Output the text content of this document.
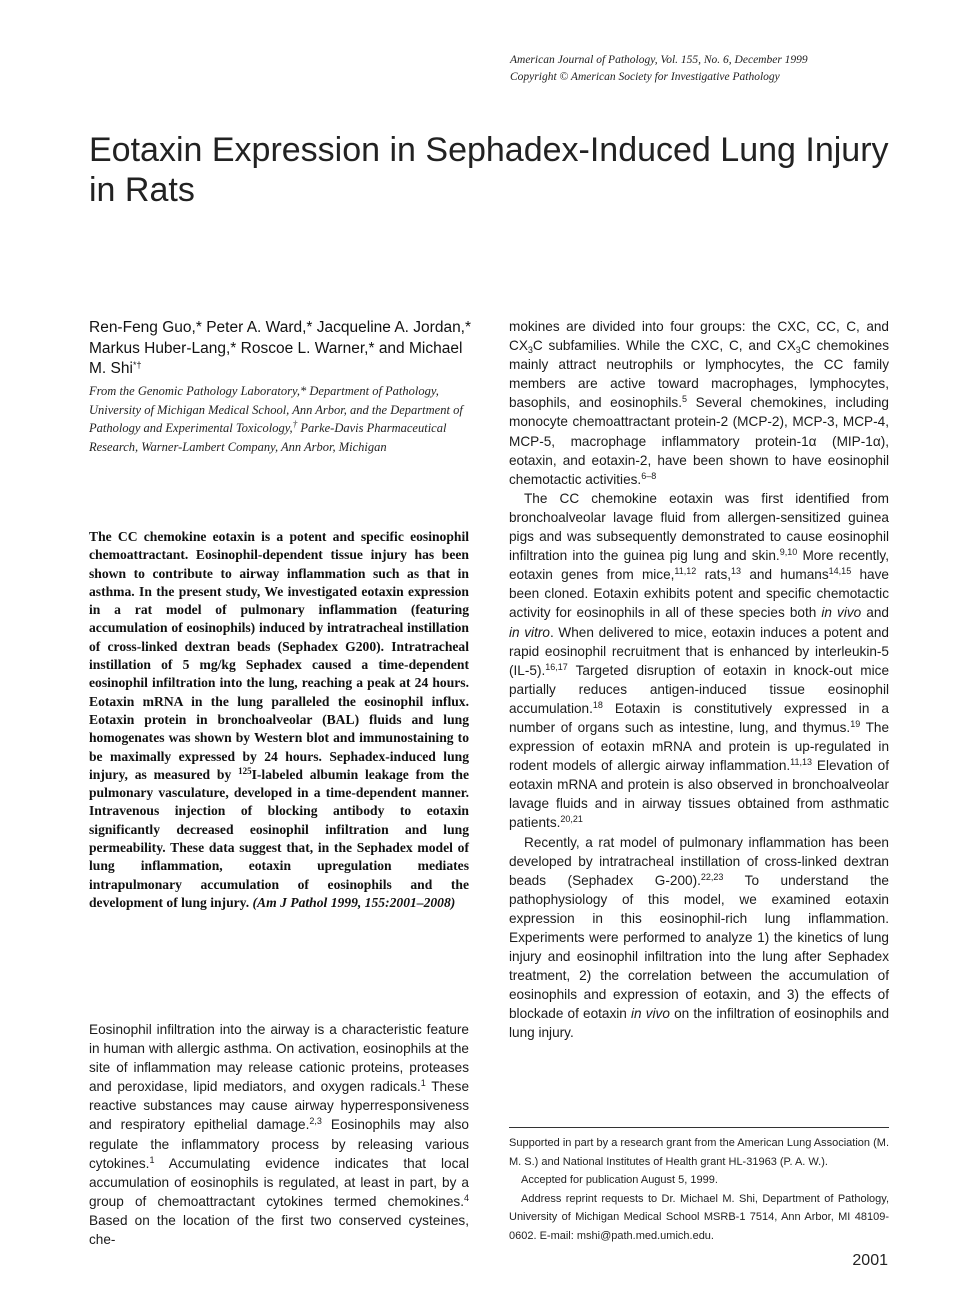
American Journal of Pathology, Vol. 155, No. 6, December 1999
Copyright © American Society for Investigative Pathology
Eotaxin Expression in Sephadex-Induced Lung Injury in Rats
Ren-Feng Guo,* Peter A. Ward,* Jacqueline A. Jordan,* Markus Huber-Lang,* Roscoe L. Warner,* and Michael M. Shi*†
From the Genomic Pathology Laboratory,* Department of Pathology, University of Michigan Medical School, Ann Arbor, and the Department of Pathology and Experimental Toxicology,† Parke-Davis Pharmaceutical Research, Warner-Lambert Company, Ann Arbor, Michigan

The CC chemokine eotaxin is a potent and specific eosinophil chemoattractant. Eosinophil-dependent tissue injury has been shown to contribute to airway inflammation such as that in asthma. In the present study, We investigated eotaxin expression in a rat model of pulmonary inflammation (featuring accumulation of eosinophils) induced by intratracheal instillation of cross-linked dextran beads (Sephadex G200). Intratracheal instillation of 5 mg/kg Sephadex caused a time-dependent eosinophil infiltration into the lung, reaching a peak at 24 hours. Eotaxin mRNA in the lung paralleled the eosinophil influx. Eotaxin protein in bronchoalveolar (BAL) fluids and lung homogenates was shown by Western blot and immunostaining to be maximally expressed by 24 hours. Sephadex-induced lung injury, as measured by $^{125}$I-labeled albumin leakage from the pulmonary vasculature, developed in a time-dependent manner. Intravenous injection of blocking antibody to eotaxin significantly decreased eosinophil infiltration and lung permeability. These data suggest that, in the Sephadex model of lung inflammation, eotaxin upregulation mediates intrapulmonary accumulation of eosinophils and the development of lung injury. (Am J Pathol 1999, 155:2001–2008)

Eosinophil infiltration into the airway is a characteristic feature in human with allergic asthma. On activation, eosinophils at the site of inflammation may release cationic proteins, proteases and peroxidase, lipid mediators, and oxygen radicals.$^1$ These reactive substances may cause airway hyperresponsiveness and respiratory epithelial damage.$^{2,3}$ Eosinophils may also regulate the inflammatory process by releasing various cytokines.$^1$ Accumulating evidence indicates that local accumulation of eosinophils is regulated, at least in part, by a group of chemoattractant cytokines termed chemokines.$^4$ Based on the location of the first two conserved cysteines, che-

mokines are divided into four groups: the CXC, CC, C, and $CX_3C$ subfamilies. While the CXC, C, and $CX_3C$ chemokines mainly attract neutrophils or lymphocytes, the CC family members are active toward macrophages, lymphocytes, basophils, and eosinophils.$^5$ Several chemokines, including monocyte chemoattractant protein-2 (MCP-2), MCP-3, MCP-4, MCP-5, macrophage inflammatory protein-1α (MIP-1α), eotaxin, and eotaxin-2, have been shown to have eosinophil chemotactic activities.$^{6-8}$

The CC chemokine eotaxin was first identified from bronchoalveolar lavage fluid from allergen-sensitized guinea pigs and was subsequently demonstrated to cause eosinophil infiltration into the guinea pig lung and skin.$^{9,10}$ More recently, eotaxin genes from mice,$^{11,12}$ rats,$^{13}$ and humans$^{14,15}$ have been cloned. Eotaxin exhibits potent and specific chemotactic activity for eosinophils in all of these species both in vivo and in vitro. When delivered to mice, eotaxin induces a potent and rapid eosinophil recruitment that is enhanced by interleukin-5 (IL-5).$^{16,17}$ Targeted disruption of eotaxin in knock-out mice partially reduces antigen-induced tissue eosinophil accumulation.$^{18}$ Eotaxin is constitutively expressed in a number of organs such as intestine, lung, and thymus.$^{19}$ The expression of eotaxin mRNA and protein is up-regulated in rodent models of allergic airway inflammation.$^{11,13}$ Elevation of eotaxin mRNA and protein is also observed in bronchoalveolar lavage fluids and in airway tissues obtained from asthmatic patients.$^{20,21}$

Recently, a rat model of pulmonary inflammation has been developed by intratracheal instillation of cross-linked dextran beads (Sephadex G-200).$^{22,23}$ To understand the pathophysiology of this model, we examined eotaxin expression in this eosinophil-rich lung inflammation. Experiments were performed to analyze 1) the kinetics of lung injury and eosinophil infiltration into the lung after Sephadex treatment, 2) the correlation between the accumulation of eosinophils and expression of eotaxin, and 3) the effects of blockade of eotaxin in vivo on the infiltration of eosinophils and lung injury.

Supported in part by a research grant from the American Lung Association (M. M. S.) and National Institutes of Health grant HL-31963 (P. A. W.).

Accepted for publication August 5, 1999.

Address reprint requests to Dr. Michael M. Shi, Department of Pathology, University of Michigan Medical School MSRB-1 7514, Ann Arbor, MI 48109-0602. E-mail: mshi@path.med.umich.edu.

2001
